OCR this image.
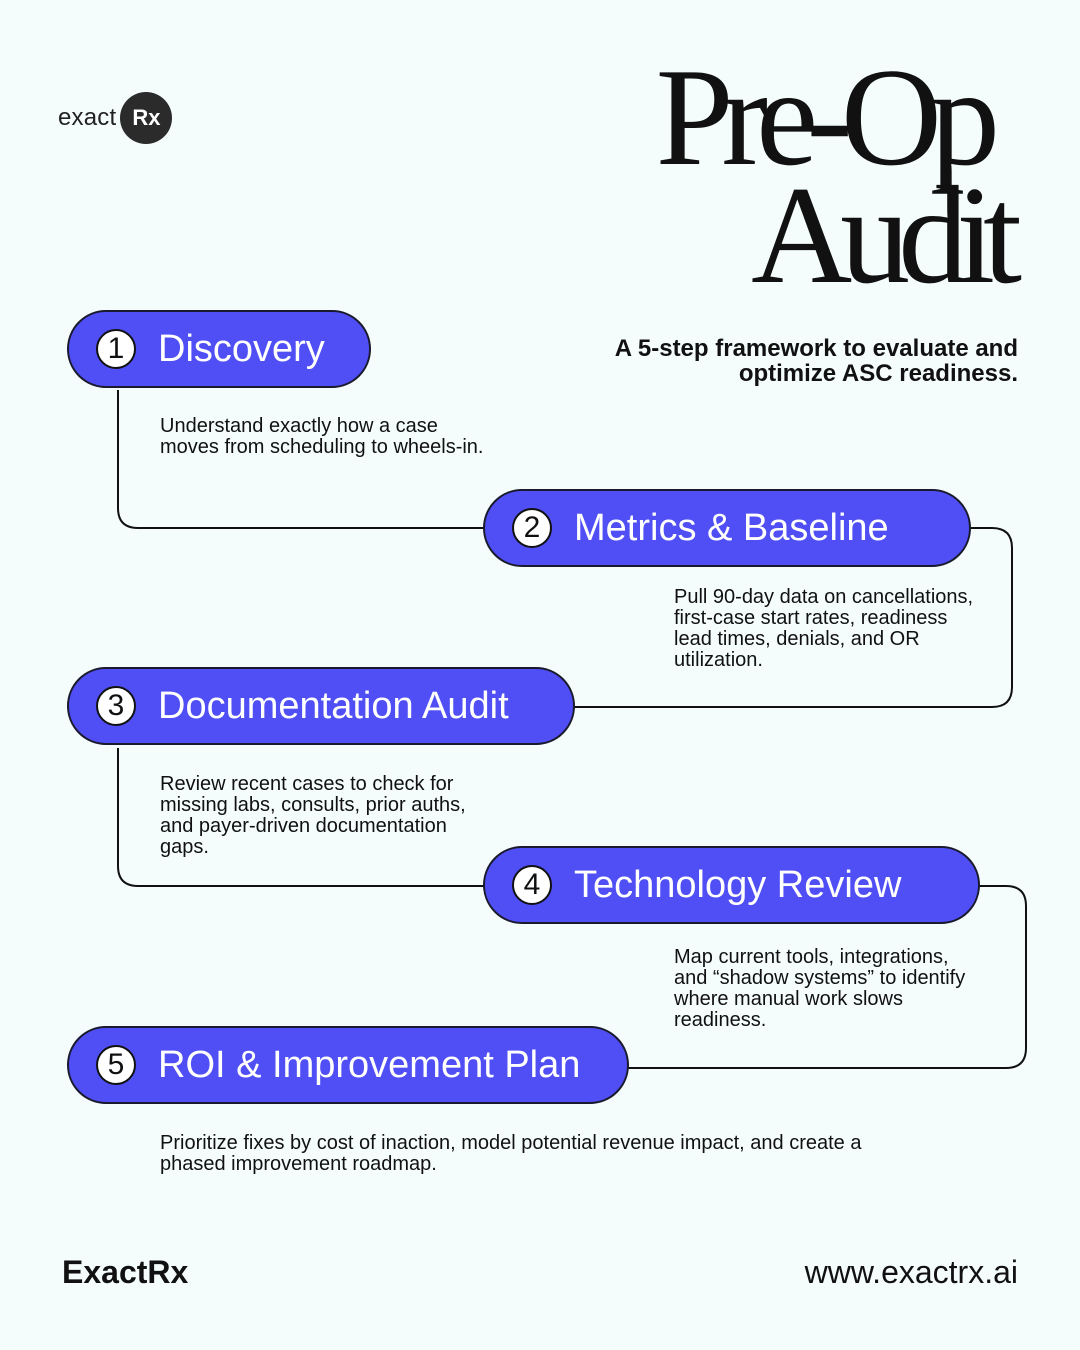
exact Rx	Pre-Op
Audit
A 5-step framework to evaluate and optimize ASC readiness.
1 Discovery
Understand exactly how a case moves from scheduling to wheels-in.
2 Metrics & Baseline
Pull 90-day data on cancellations, first-case start rates, readiness lead times, denials, and OR utilization.
3 Documentation Audit
Review recent cases to check for missing labs, consults, prior auths, and payer-driven documentation gaps.
4 Technology Review
Map current tools, integrations, and “shadow systems” to identify where manual work slows readiness.
5 ROI & Improvement Plan
Prioritize fixes by cost of inaction, model potential revenue impact, and create a phased improvement roadmap.
ExactRx	www.exactrx.ai
